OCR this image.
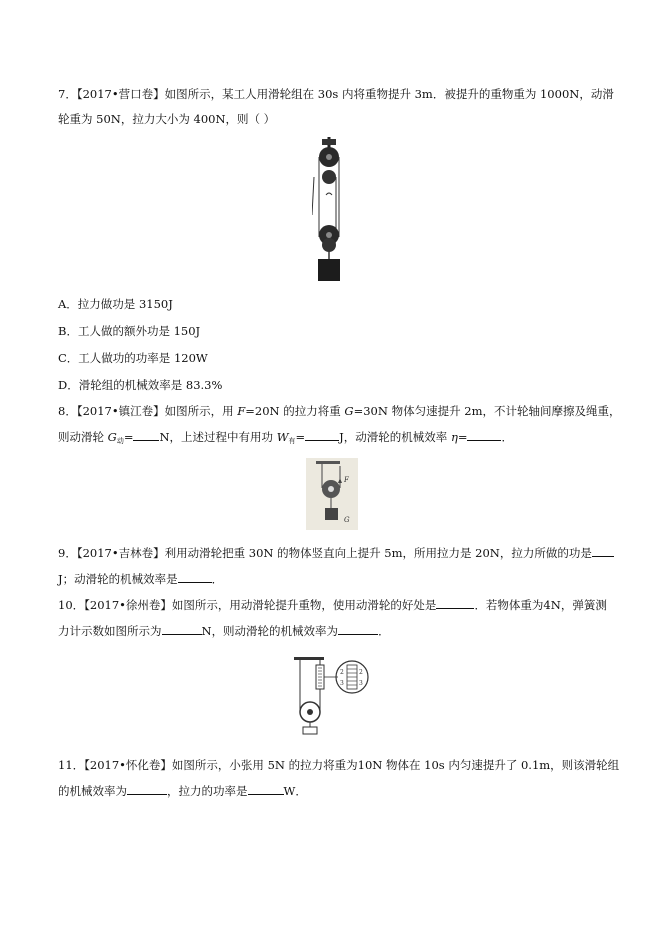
7．【2017•营口卷】如图所示，某工人用滑轮组在 30s 内将重物提升 3m．被提升的重物重为 1000N，动滑
轮重为 50N，拉力大小为 400N，则（ ）
A．拉力做功是 3150J
B．工人做的额外功是 150J
C．工人做功的功率是 120W
D．滑轮组的机械效率是 83.3%
8．【2017•镇江卷】如图所示，用 F=20N 的拉力将重 G=30N 物体匀速提升 2m，不计轮轴间摩擦及绳重，
则动滑轮 $G_动= N$，上述过程中有用功 $W_有=$	J，动滑轮的机械效率 η=	．
F
G
9．【2017•吉林卷】利用动滑轮把重 30N 的物体竖直向上提升 5m，所用拉力是 20N，拉力所做的功是
J；动滑轮的机械效率是	．
10．【2017•徐州卷】如图所示，用动滑轮提升重物，使用动滑轮的好处是	．若物体重为4N，弹簧测
力计示数如图所示为	N，则动滑轮的机械效率为	．
2
3
2
3
11．【2017•怀化卷】如图所示，小张用 5N 的拉力将重为10N 物体在 10s 内匀速提升了 0.1m，则该滑轮组
的机械效率为	，拉力的功率是	W．
